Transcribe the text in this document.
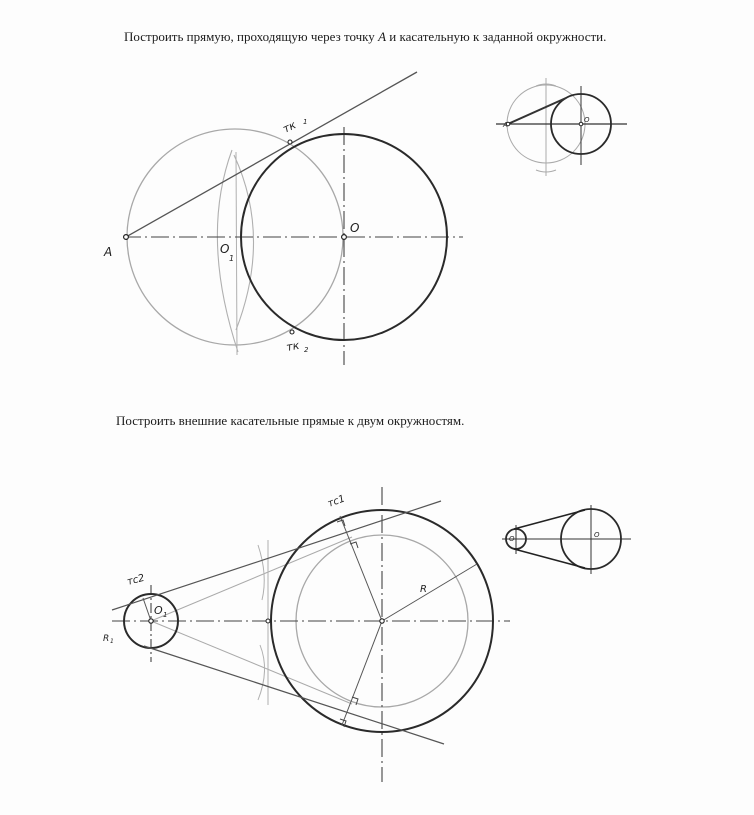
Построить прямую, проходящую через точку A и касательную к заданной окружности.
Построить внешние касательные прямые к двум окружностям.
A
O
O
1
тк 1
тк 2
A
O
тс1
тс2
O 1
R
R 1
O	O
